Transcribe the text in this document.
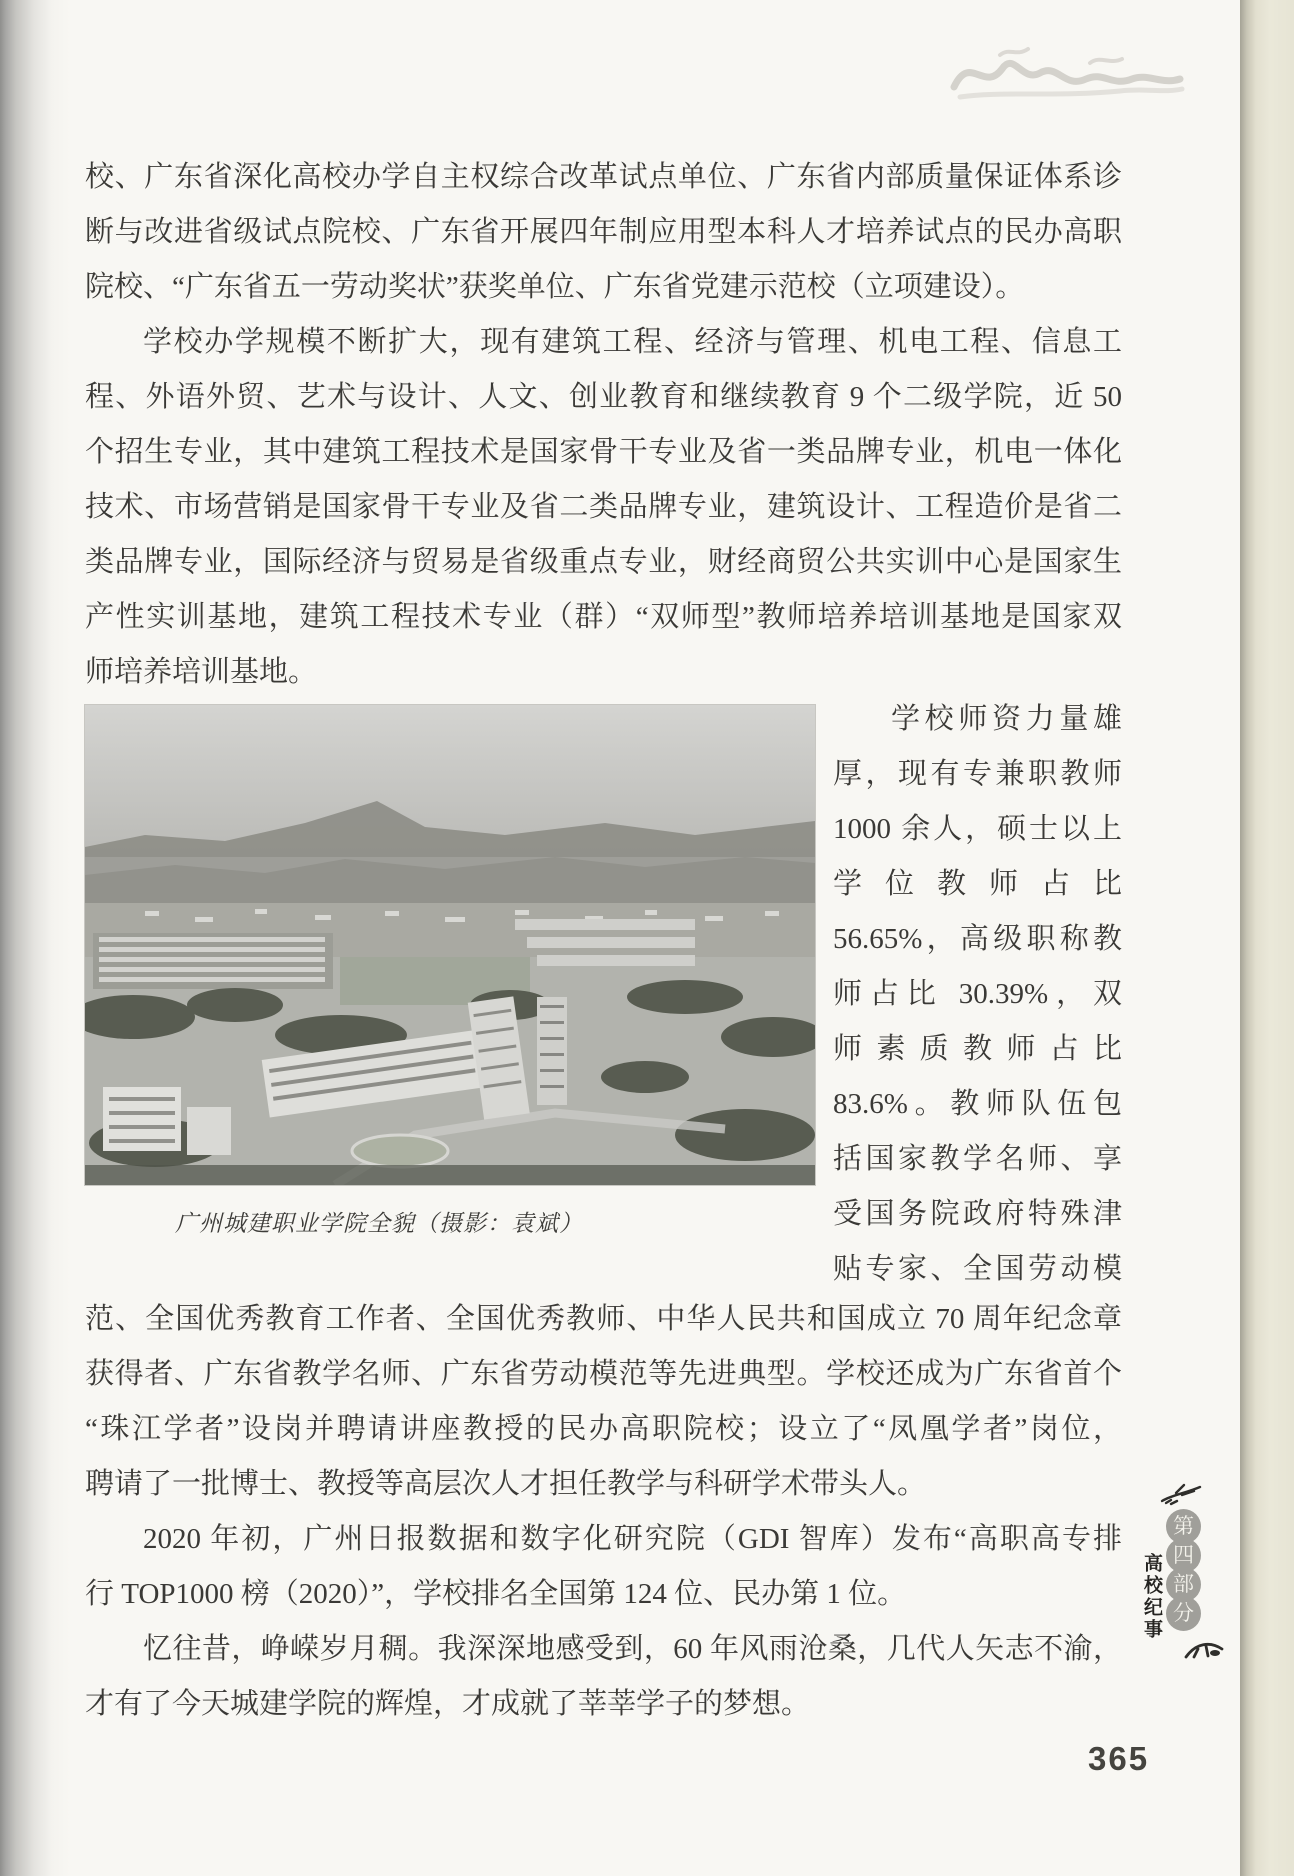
校、广东省深化高校办学自主权综合改革试点单位、广东省内部质量保证体系诊
断与改进省级试点院校、广东省开展四年制应用型本科人才培养试点的民办高职
院校、“广东省五一劳动奖状”获奖单位、广东省党建示范校（立项建设）。
学校办学规模不断扩大，现有建筑工程、经济与管理、机电工程、信息工
程、外语外贸、艺术与设计、人文、创业教育和继续教育 9 个二级学院，近 50
个招生专业，其中建筑工程技术是国家骨干专业及省一类品牌专业，机电一体化
技术、市场营销是国家骨干专业及省二类品牌专业，建筑设计、工程造价是省二
类品牌专业，国际经济与贸易是省级重点专业，财经商贸公共实训中心是国家生
产性实训基地，建筑工程技术专业（群）“双师型”教师培养培训基地是国家双
师培养培训基地。
广州城建职业学院全貌（摄影：袁斌）
学校师资力量雄
厚，现有专兼职教师
1000 余人，硕士以上
学位教师占比
56.65%，高级职称教
师占比 30.39%，双
师素质教师占比
83.6%。教师队伍包
括国家教学名师、享
受国务院政府特殊津
贴专家、全国劳动模
范、全国优秀教育工作者、全国优秀教师、中华人民共和国成立 70 周年纪念章
获得者、广东省教学名师、广东省劳动模范等先进典型。学校还成为广东省首个
“珠江学者”设岗并聘请讲座教授的民办高职院校；设立了“凤凰学者”岗位，
聘请了一批博士、教授等高层次人才担任教学与科研学术带头人。
2020 年初，广州日报数据和数字化研究院（GDI 智库）发布“高职高专排
行 TOP1000 榜（2020）”，学校排名全国第 124 位、民办第 1 位。
忆往昔，峥嵘岁月稠。我深深地感受到，60 年风雨沧桑，几代人矢志不渝，
才有了今天城建学院的辉煌，才成就了莘莘学子的梦想。
第
四
部
分
高校纪事
365
